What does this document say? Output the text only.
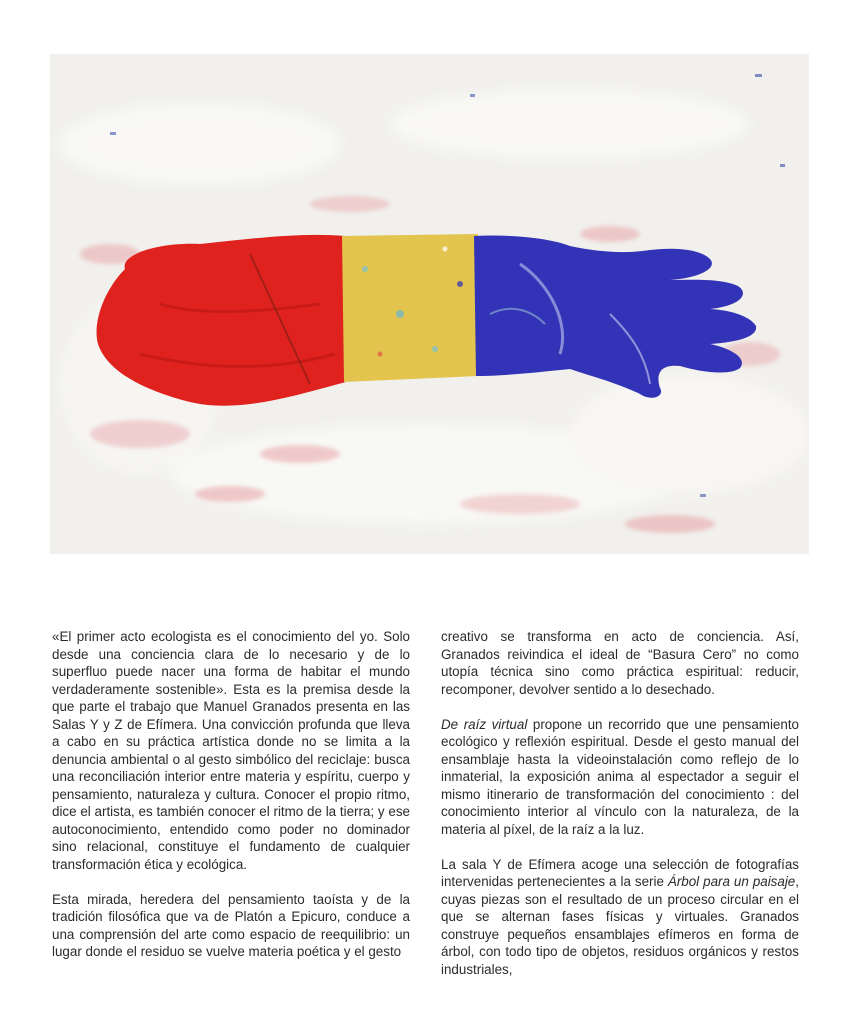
«El primer acto ecologista es el conocimiento del yo. Solo desde una conciencia clara de lo necesario y de lo superfluo puede nacer una forma de habitar el mundo verdaderamente sostenible». Esta es la premisa desde la que parte el trabajo que Manuel Granados presenta en las Salas Y y Z de Efímera. Una convicción profunda que lleva a cabo en su práctica artística donde no se limita a la denuncia ambiental o al gesto simbólico del reciclaje: busca una reconciliación interior entre materia y espíritu, cuerpo y pensamiento, naturaleza y cultura. Conocer el propio ritmo, dice el artista, es también conocer el ritmo de la tierra; y ese autoconocimiento, entendido como poder no dominador sino relacional, constituye el fundamento de cualquier transformación ética y ecológica.

Esta mirada, heredera del pensamiento taoísta y de la tradición filosófica que va de Platón a Epicuro, conduce a una comprensión del arte como espacio de reequilibrio: un lugar donde el residuo se vuelve materia poética y el gesto

creativo se transforma en acto de conciencia. Así, Granados reivindica el ideal de “Basura Cero” no como utopía técnica sino como práctica espiritual: reducir, recomponer, devolver sentido a lo desechado.

De raíz virtual propone un recorrido que une pensamiento ecológico y reflexión espiritual. Desde el gesto manual del ensamblaje hasta la videoinstalación como reflejo de lo inmaterial, la exposición anima al espectador a seguir el mismo itinerario de transformación del conocimiento : del conocimiento interior al vínculo con la naturaleza, de la materia al píxel, de la raíz a la luz.

La sala Y de Efímera acoge una selección de fotografías intervenidas pertenecientes a la serie Árbol para un paisaje, cuyas piezas son el resultado de un proceso circular en el que se alternan fases físicas y virtuales. Granados construye pequeños ensamblajes efímeros en forma de árbol, con todo tipo de objetos, residuos orgánicos y restos industriales,
